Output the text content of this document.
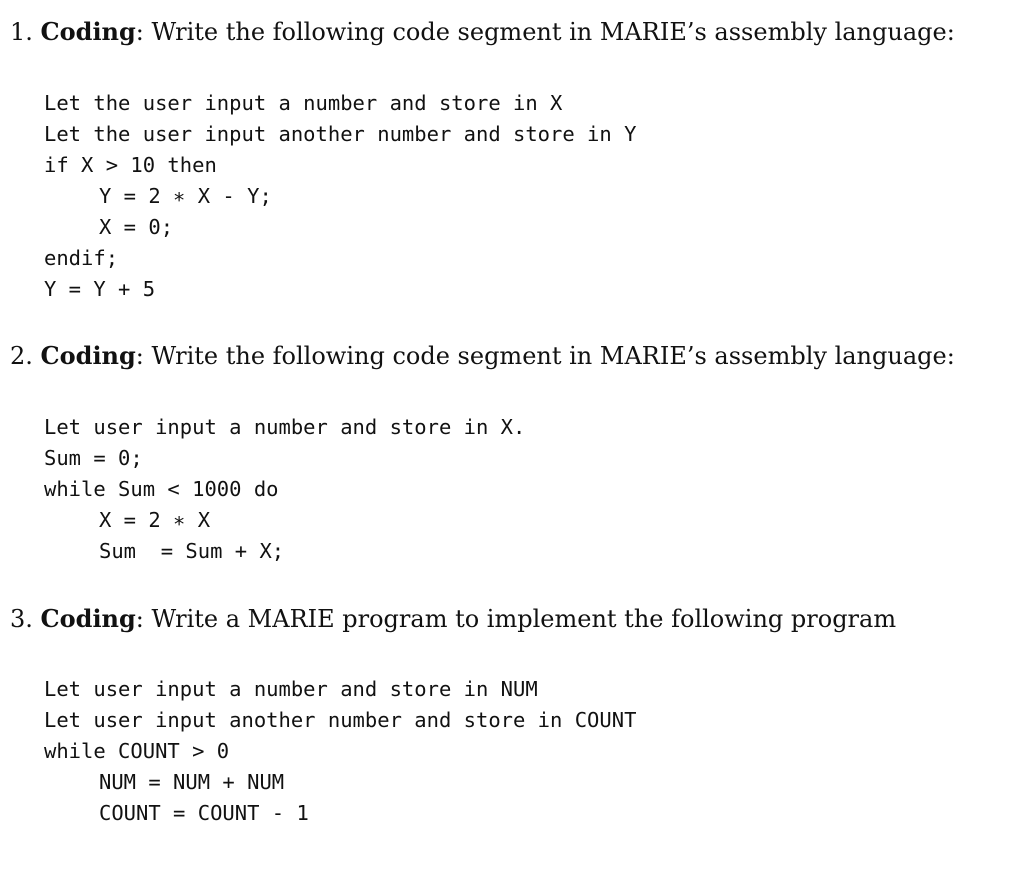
1. Coding: Write the following code segment in MARIE’s assembly language:
Let the user input a number and store in X
Let the user input another number and store in Y
if X > 10 then
Y = 2 ∗ X - Y;
X = 0;
endif;
Y = Y + 5
2. Coding: Write the following code segment in MARIE’s assembly language:
Let user input a number and store in X.
Sum = 0;
while Sum < 1000 do
X = 2 ∗ X
Sum  = Sum + X;
3. Coding: Write a MARIE program to implement the following program
Let user input a number and store in NUM
Let user input another number and store in COUNT
while COUNT > 0
NUM = NUM + NUM
COUNT = COUNT - 1
